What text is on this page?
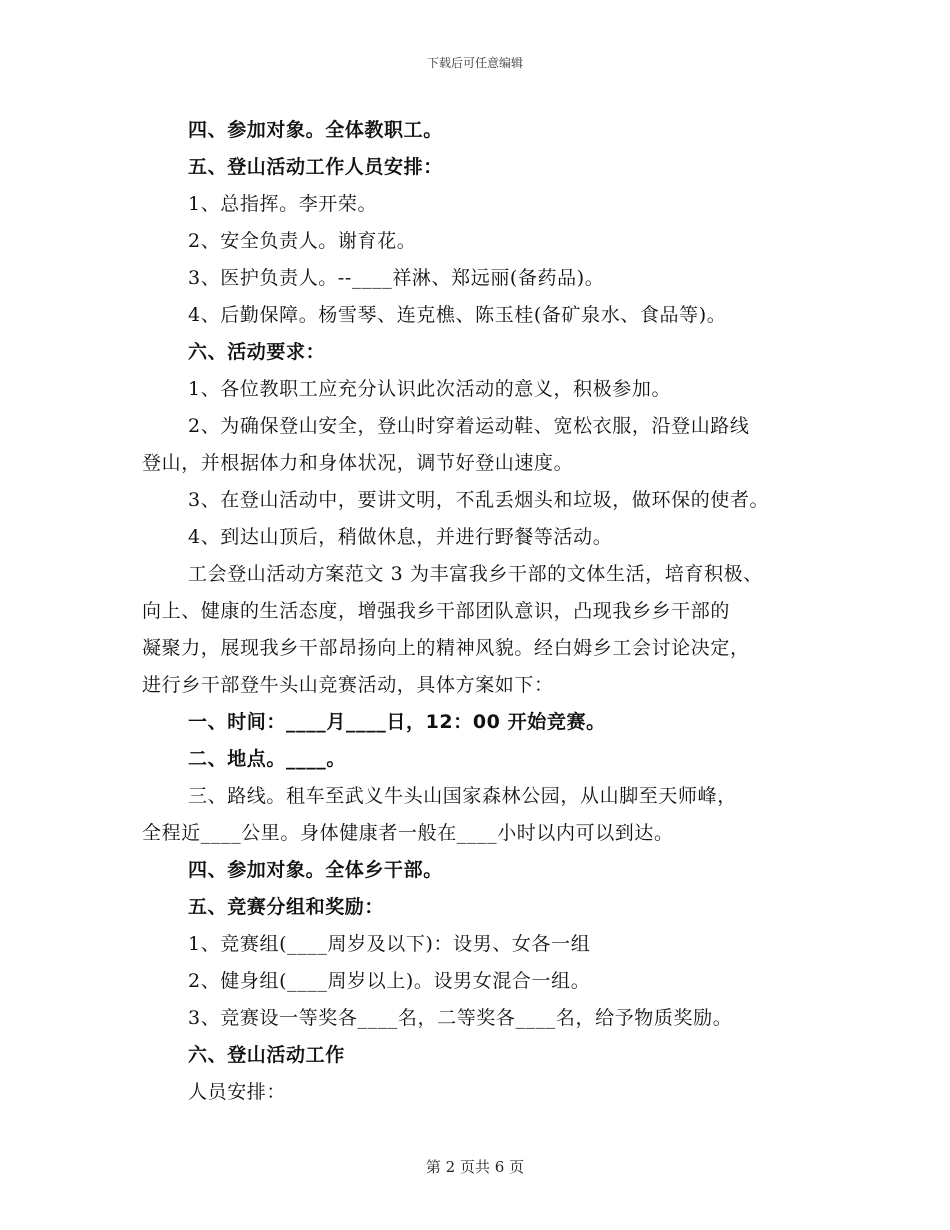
下载后可任意编辑
四、参加对象。全体教职工。
五、登山活动工作人员安排：
1、总指挥。李开荣。
2、安全负责人。谢育花。
3、医护负责人。--____祥淋、郑远丽(备药品)。
4、后勤保障。杨雪琴、连克樵、陈玉桂(备矿泉水、食品等)。
六、活动要求：
1、各位教职工应充分认识此次活动的意义，积极参加。
2、为确保登山安全，登山时穿着运动鞋、宽松衣服，沿登山路线
登山，并根据体力和身体状况，调节好登山速度。
3、在登山活动中，要讲文明，不乱丢烟头和垃圾，做环保的使者。
4、到达山顶后，稍做休息，并进行野餐等活动。
工会登山活动方案范文 3 为丰富我乡干部的文体生活，培育积极、
向上、健康的生活态度，增强我乡干部团队意识，凸现我乡乡干部的
凝聚力，展现我乡干部昂扬向上的精神风貌。经白姆乡工会讨论决定，
进行乡干部登牛头山竞赛活动，具体方案如下：
一、时间：____月____日，12：00 开始竞赛。
二、地点。____。
三、路线。租车至武义牛头山国家森林公园，从山脚至天师峰，
全程近____公里。身体健康者一般在____小时以内可以到达。
四、参加对象。全体乡干部。
五、竞赛分组和奖励：
1、竞赛组(____周岁及以下)：设男、女各一组
2、健身组(____周岁以上)。设男女混合一组。
3、竞赛设一等奖各____名，二等奖各____名，给予物质奖励。
六、登山活动工作
人员安排：
第 2 页共 6 页
